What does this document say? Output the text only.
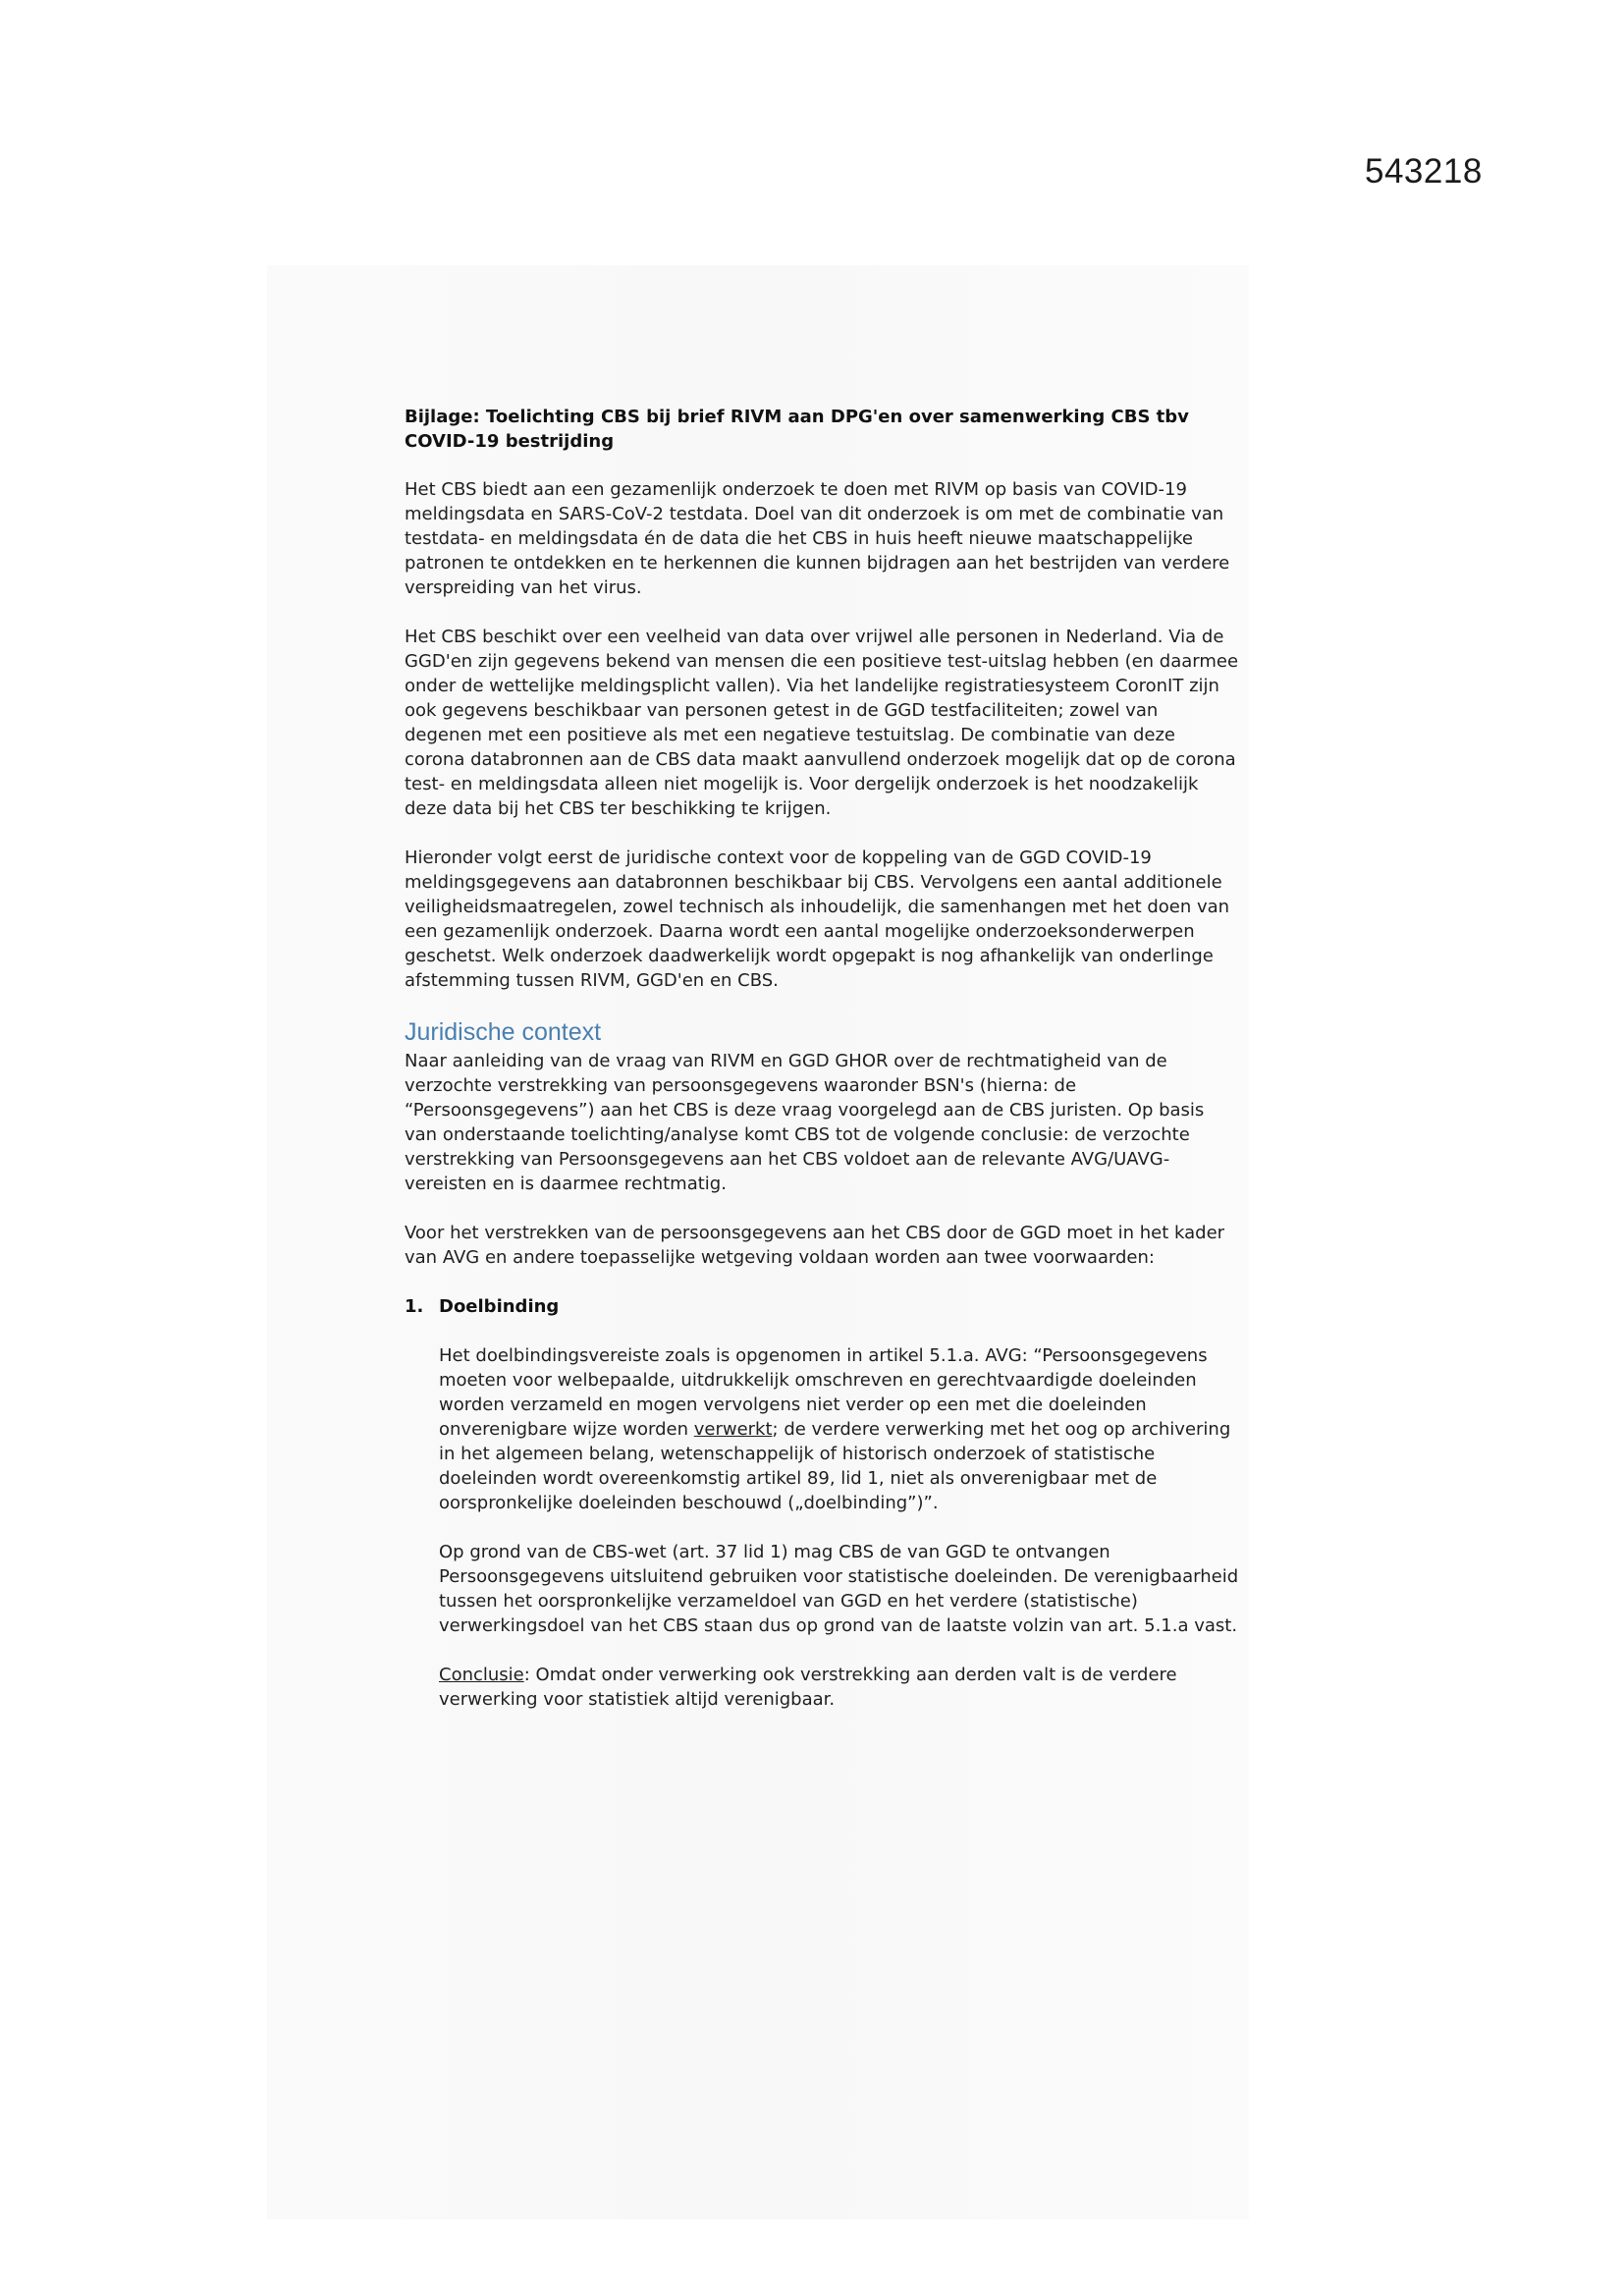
543218
Bijlage: Toelichting CBS bij brief RIVM aan DPG'en over samenwerking CBS tbv COVID-19 bestrijding

Het CBS biedt aan een gezamenlijk onderzoek te doen met RIVM op basis van COVID-19 meldingsdata en SARS-CoV-2 testdata. Doel van dit onderzoek is om met de combinatie van testdata- en meldingsdata én de data die het CBS in huis heeft nieuwe maatschappelijke patronen te ontdekken en te herkennen die kunnen bijdragen aan het bestrijden van verdere verspreiding van het virus.

Het CBS beschikt over een veelheid van data over vrijwel alle personen in Nederland. Via de GGD'en zijn gegevens bekend van mensen die een positieve test-uitslag hebben (en daarmee onder de wettelijke meldingsplicht vallen). Via het landelijke registratiesysteem CoronIT zijn ook gegevens beschikbaar van personen getest in de GGD testfaciliteiten; zowel van degenen met een positieve als met een negatieve testuitslag. De combinatie van deze corona databronnen aan de CBS data maakt aanvullend onderzoek mogelijk dat op de corona test- en meldingsdata alleen niet mogelijk is. Voor dergelijk onderzoek is het noodzakelijk deze data bij het CBS ter beschikking te krijgen.

Hieronder volgt eerst de juridische context voor de koppeling van de GGD COVID-19 meldingsgegevens aan databronnen beschikbaar bij CBS. Vervolgens een aantal additionele veiligheidsmaatregelen, zowel technisch als inhoudelijk, die samenhangen met het doen van een gezamenlijk onderzoek. Daarna wordt een aantal mogelijke onderzoeksonderwerpen geschetst. Welk onderzoek daadwerkelijk wordt opgepakt is nog afhankelijk van onderlinge afstemming tussen RIVM, GGD'en en CBS.

Juridische context

Naar aanleiding van de vraag van RIVM en GGD GHOR over de rechtmatigheid van de verzochte verstrekking van persoonsgegevens waaronder BSN's (hierna: de “Persoonsgegevens”) aan het CBS is deze vraag voorgelegd aan de CBS juristen. Op basis van onderstaande toelichting/analyse komt CBS tot de volgende conclusie: de verzochte verstrekking van Persoonsgegevens aan het CBS voldoet aan de relevante AVG/UAVG-vereisten en is daarmee rechtmatig.

Voor het verstrekken van de persoonsgegevens aan het CBS door de GGD moet in het kader van AVG en andere toepasselijke wetgeving voldaan worden aan twee voorwaarden:

1. Doelbinding

Het doelbindingsvereiste zoals is opgenomen in artikel 5.1.a. AVG: “Persoonsgegevens moeten voor welbepaalde, uitdrukkelijk omschreven en gerechtvaardigde doeleinden worden verzameld en mogen vervolgens niet verder op een met die doeleinden onverenigbare wijze worden verwerkt; de verdere verwerking met het oog op archivering in het algemeen belang, wetenschappelijk of historisch onderzoek of statistische doeleinden wordt overeenkomstig artikel 89, lid 1, niet als onverenigbaar met de oorspronkelijke doeleinden beschouwd („doelbinding”)”.

Op grond van de CBS-wet (art. 37 lid 1) mag CBS de van GGD te ontvangen Persoonsgegevens uitsluitend gebruiken voor statistische doeleinden. De verenigbaarheid tussen het oorspronkelijke verzameldoel van GGD en het verdere (statistische) verwerkingsdoel van het CBS staan dus op grond van de laatste volzin van art. 5.1.a vast.

Conclusie: Omdat onder verwerking ook verstrekking aan derden valt is de verdere verwerking voor statistiek altijd verenigbaar.
